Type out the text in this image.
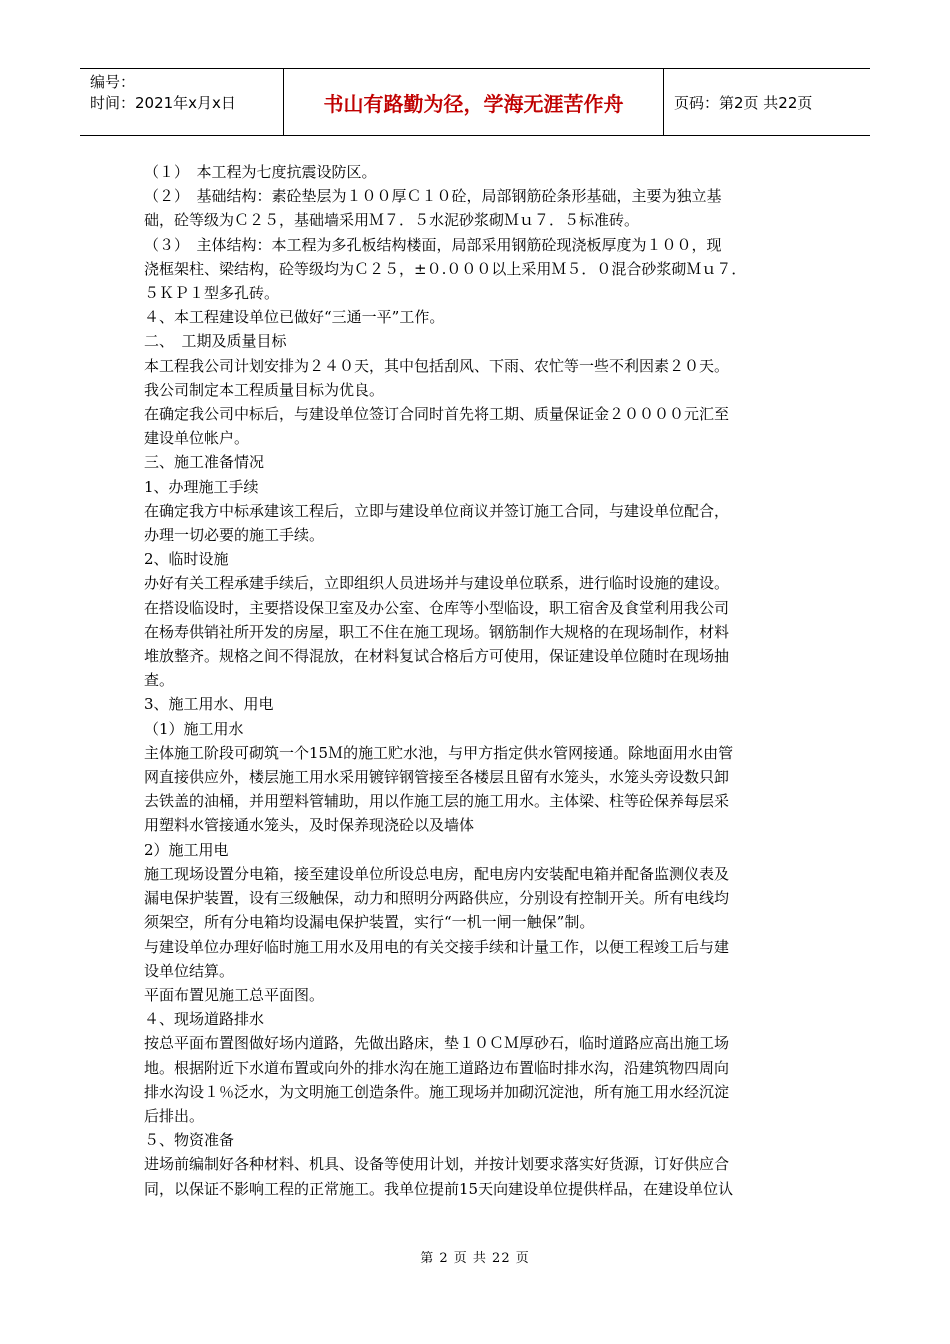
编号：
时间：2021年x月x日	书山有路勤为径，学海无涯苦作舟	页码：第2页 共22页

（１）　本工程为七度抗震设防区。

（２）　基础结构：素砼垫层为１００厚Ｃ１０砼，局部钢筋砼条形基础，主要为独立基

础，砼等级为Ｃ２５，基础墙采用Ｍ７．５水泥砂浆砌Ｍｕ７．５标准砖。

（３）　主体结构：本工程为多孔板结构楼面，局部采用钢筋砼现浇板厚度为１００，现

浇框架柱、梁结构，砼等级均为Ｃ２５，±０.０００以上采用Ｍ５．０混合砂浆砌Ｍｕ７．

５ＫＰ１型多孔砖。

４、本工程建设单位已做好“三通一平”工作。

二、　工期及质量目标

本工程我公司计划安排为２４０天，其中包括刮风、下雨、农忙等一些不利因素２０天。

我公司制定本工程质量目标为优良。

在确定我公司中标后，与建设单位签订合同时首先将工期、质量保证金２００００元汇至

建设单位帐户。

三、施工准备情况

1、办理施工手续

在确定我方中标承建该工程后，立即与建设单位商议并签订施工合同，与建设单位配合，

办理一切必要的施工手续。

2、临时设施

办好有关工程承建手续后，立即组织人员进场并与建设单位联系，进行临时设施的建设。

在搭设临设时，主要搭设保卫室及办公室、仓库等小型临设，职工宿舍及食堂利用我公司

在杨寿供销社所开发的房屋，职工不住在施工现场。钢筋制作大规格的在现场制作，材料

堆放整齐。规格之间不得混放，在材料复试合格后方可使用，保证建设单位随时在现场抽

查。

3、施工用水、用电

（1）施工用水

主体施工阶段可砌筑一个15Ｍ的施工贮水池，与甲方指定供水管网接通。除地面用水由管

网直接供应外，楼层施工用水采用镀锌钢管接至各楼层且留有水笼头，水笼头旁设数只卸

去铁盖的油桶，并用塑料管辅助，用以作施工层的施工用水。主体梁、柱等砼保养每层采

用塑料水管接通水笼头，及时保养现浇砼以及墙体

2）施工用电

施工现场设置分电箱，接至建设单位所设总电房，配电房内安装配电箱并配备监测仪表及

漏电保护装置，设有三级触保，动力和照明分两路供应，分别设有控制开关。所有电线均

须架空，所有分电箱均设漏电保护装置，实行“一机一闸一触保”制。

与建设单位办理好临时施工用水及用电的有关交接手续和计量工作，以便工程竣工后与建

设单位结算。

平面布置见施工总平面图。

４、现场道路排水

按总平面布置图做好场内道路，先做出路床，垫１０ＣＭ厚砂石，临时道路应高出施工场

地。根据附近下水道布置或向外的排水沟在施工道路边布置临时排水沟，沿建筑物四周向

排水沟设１％泛水，为文明施工创造条件。施工现场并加砌沉淀池，所有施工用水经沉淀

后排出。

５、物资准备

进场前编制好各种材料、机具、设备等使用计划，并按计划要求落实好货源，订好供应合

同，以保证不影响工程的正常施工。我单位提前15天向建设单位提供样品，在建设单位认

第 2 页 共 22 页
